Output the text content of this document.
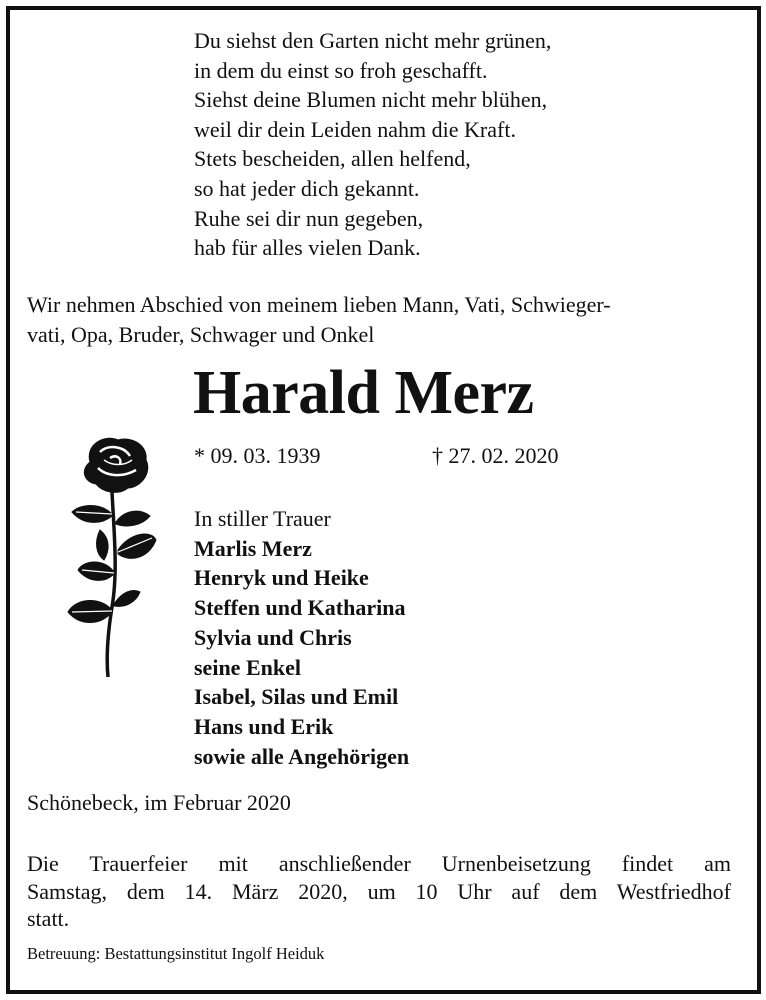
Du siehst den Garten nicht mehr grünen,
in dem du einst so froh geschafft.
Siehst deine Blumen nicht mehr blühen,
weil dir dein Leiden nahm die Kraft.
Stets bescheiden, allen helfend,
so hat jeder dich gekannt.
Ruhe sei dir nun gegeben,
hab für alles vielen Dank.
Wir nehmen Abschied von meinem lieben Mann, Vati, Schwieger-
vati, Opa, Bruder, Schwager und Onkel
Harald Merz
* 09. 03. 1939	† 27. 02. 2020
In stiller Trauer
Marlis Merz
Henryk und Heike
Steffen und Katharina
Sylvia und Chris
seine Enkel
Isabel, Silas und Emil
Hans und Erik
sowie alle Angehörigen
Schönebeck, im Februar 2020
Die Trauerfeier mit anschließender Urnenbeisetzung findet am
Samstag, dem 14. März 2020, um 10 Uhr auf dem Westfriedhof
statt.
Betreuung: Bestattungsinstitut Ingolf Heiduk
